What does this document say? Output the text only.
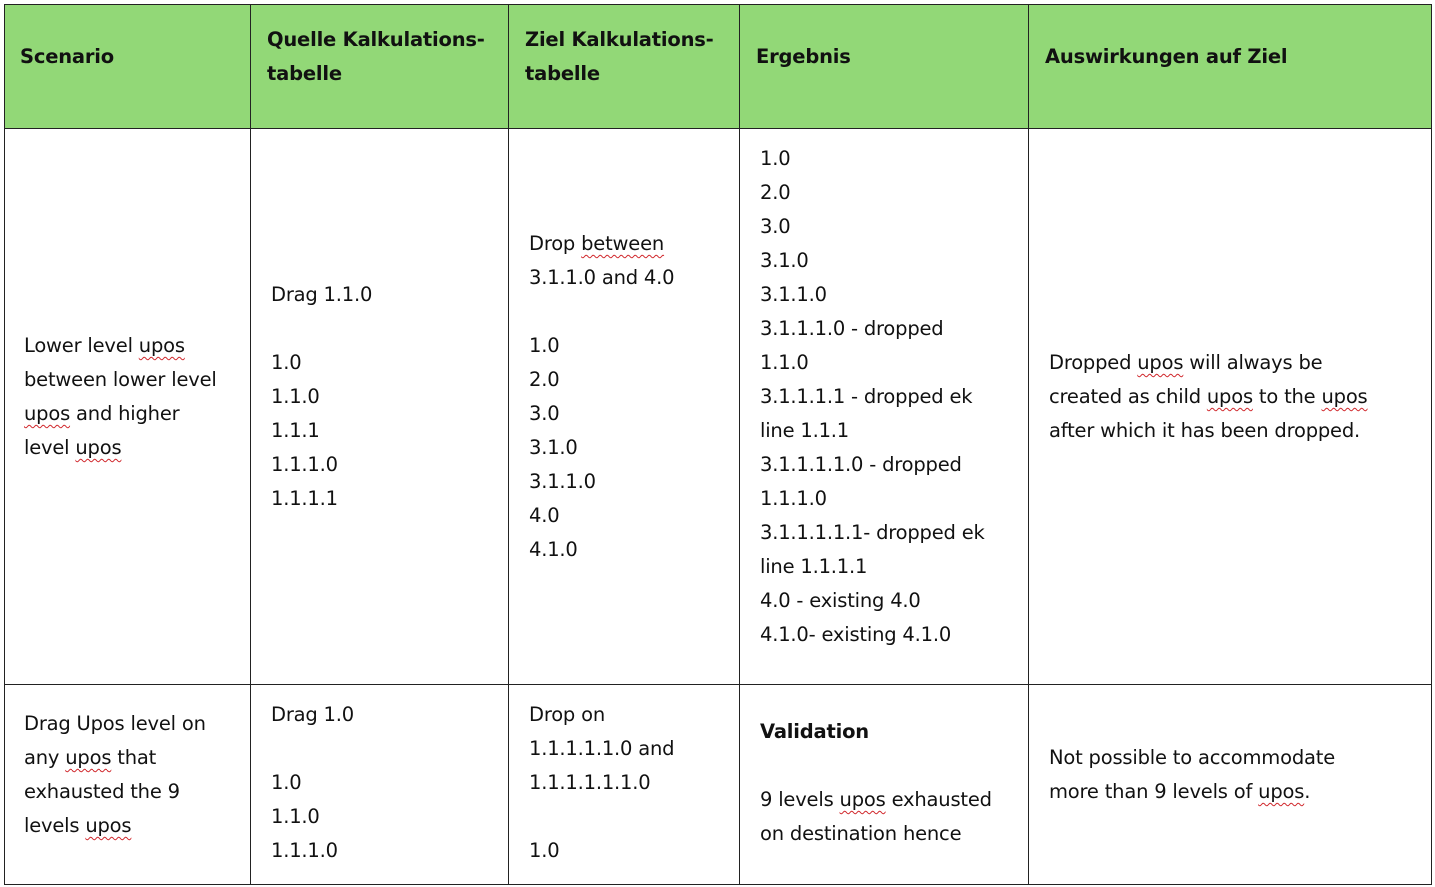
Scenario
Quelle Kalkulations-
tabelle
Ziel Kalkulations-
tabelle
Ergebnis	Auswirkungen auf Ziel
Lower level upos
between lower level
upos and higher
level upos
Drag 1.1.0
1.0
1.1.0
1.1.1
1.1.1.0
1.1.1.1
Drop between
3.1.1.0 and 4.0
1.0
2.0
3.0
3.1.0
3.1.1.0
4.0
4.1.0
1.0
2.0
3.0
3.1.0
3.1.1.0
3.1.1.1.0 - dropped
1.1.0
3.1.1.1.1 - dropped ek
line 1.1.1
3.1.1.1.1.0 - dropped
1.1.1.0
3.1.1.1.1.1- dropped ek
line 1.1.1.1
4.0 - existing 4.0
4.1.0- existing 4.1.0
Dropped upos will always be
created as child upos to the upos
after which it has been dropped.
Drag Upos level on
any upos that
exhausted the 9
levels upos
Drag 1.0
1.0
1.1.0
1.1.1.0
Drop on
1.1.1.1.1.0 and
1.1.1.1.1.1.0
1.0
Validation
9 levels upos exhausted
on destination hence
Not possible to accommodate
more than 9 levels of upos.
